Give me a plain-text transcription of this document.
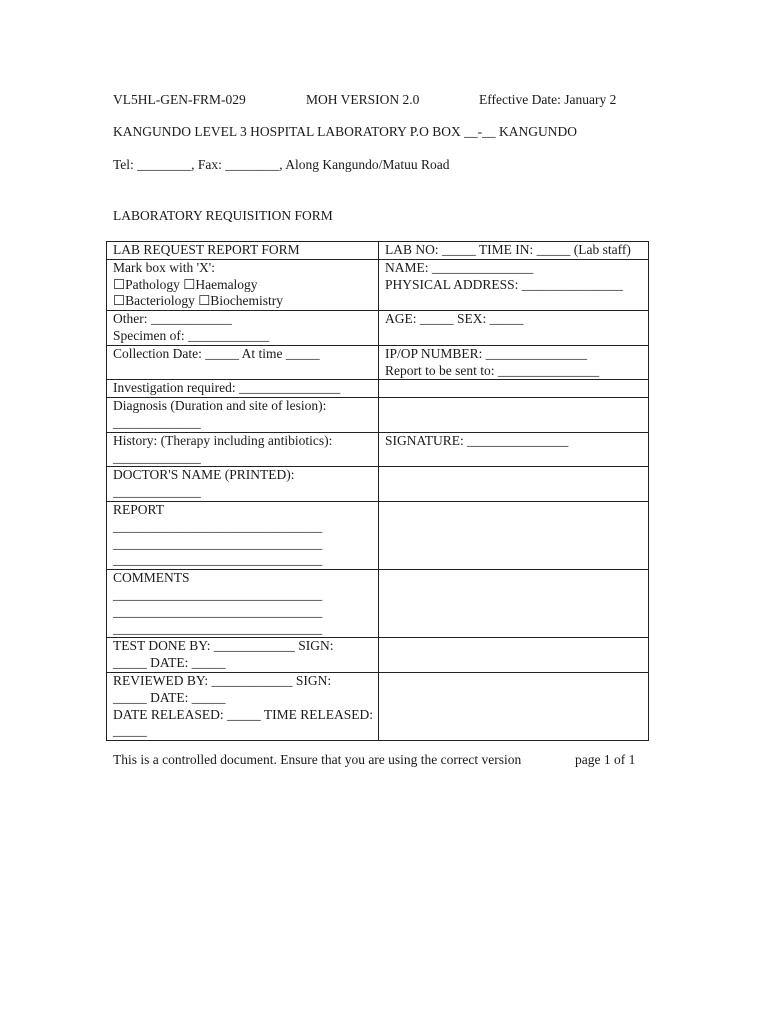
VL5HL-GEN-FRM-029	MOH VERSION 2.0	Effective Date: January 2
KANGUNDO LEVEL 3 HOSPITAL LABORATORY P.O BOX __-__ KANGUNDO
Tel: ________, Fax: ________, Along Kangundo/Matuu Road
LABORATORY REQUISITION FORM
LAB REQUEST REPORT FORM	LAB NO: _____ TIME IN: _____ (Lab staff)

Mark box with 'X':
☐Pathology ☐Haemalogy
☐Bacteriology ☐Biochemistry	NAME: _______________
PHYSICAL ADDRESS: _______________

Other: ____________
Specimen of: ____________	AGE: _____ SEX: _____

Collection Date: _____ At time _____	IP/OP NUMBER: _______________
Report to be sent to: _______________

Investigation required: _______________	

Diagnosis (Duration and site of lesion):
_____________	

History: (Therapy including antibiotics):
_____________	SIGNATURE: _______________

DOCTOR'S NAME (PRINTED):
_____________	

REPORT
_______________________________
_______________________________
_______________________________	

COMMENTS
_______________________________
_______________________________
_______________________________	

TEST DONE BY: ____________ SIGN:
_____ DATE: _____	

REVIEWED BY: ____________ SIGN:
_____ DATE: _____
DATE RELEASED: _____ TIME RELEASED:
_____	

This is a controlled document. Ensure that you are using the correct version	page 1 of 1
